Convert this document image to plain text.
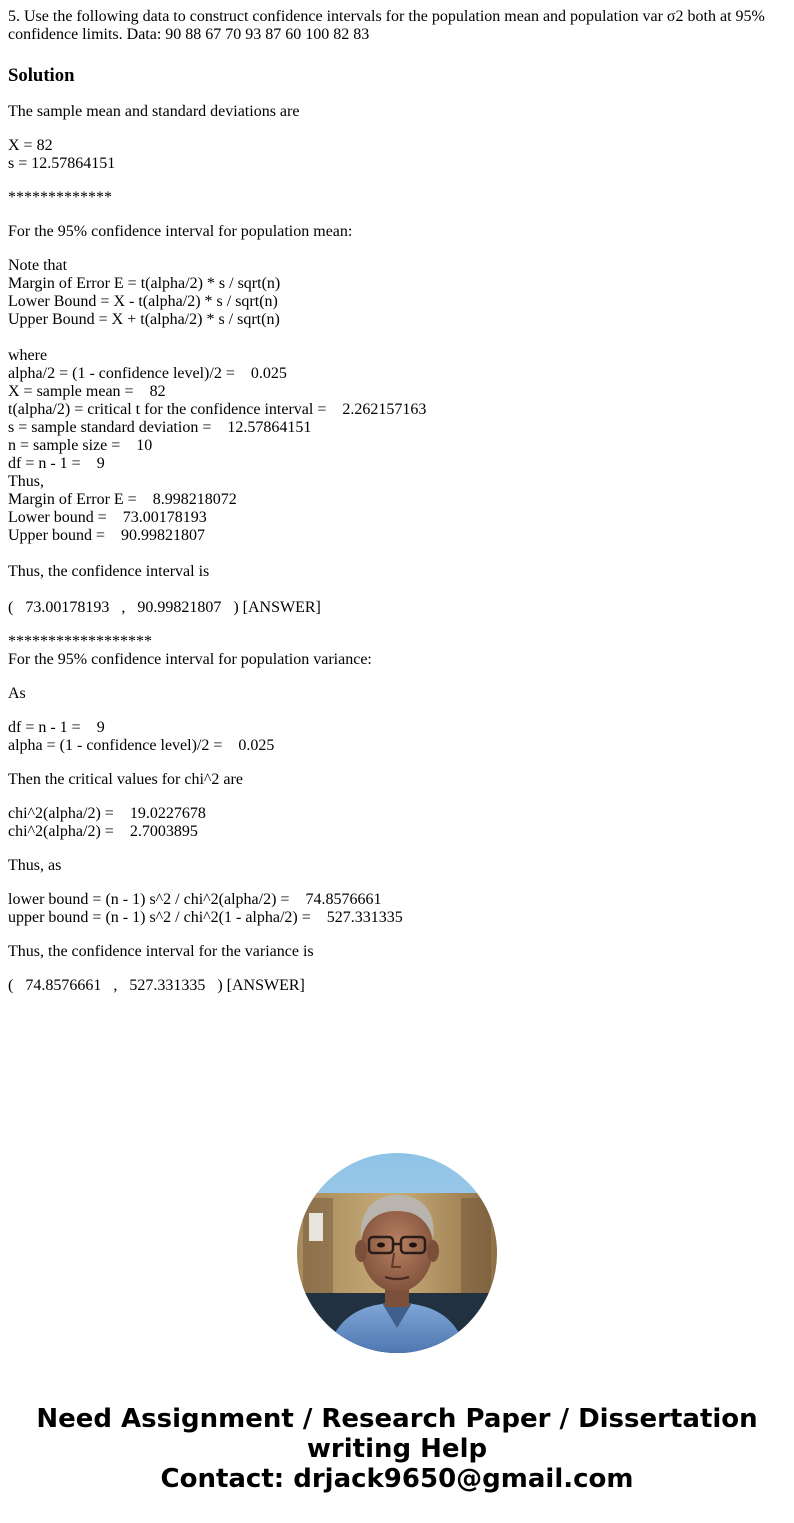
5. Use the following data to construct confidence intervals for the population mean and population var σ2 both at 95% confidence limits. Data: 90 88 67 70 93 87 60 100 82 83

Solution
The sample mean and standard deviations are
X = 82
s = 12.57864151
*************
For the 95% confidence interval for population mean:
Note that
Margin of Error E = t(alpha/2) * s / sqrt(n)
Lower Bound = X - t(alpha/2) * s / sqrt(n)
Upper Bound = X + t(alpha/2) * s / sqrt(n)
where
alpha/2 = (1 - confidence level)/2 =    0.025
X = sample mean =    82
t(alpha/2) = critical t for the confidence interval =    2.262157163
s = sample standard deviation =    12.57864151
n = sample size =    10
df = n - 1 =    9
Thus,
Margin of Error E =    8.998218072
Lower bound =    73.00178193
Upper bound =    90.99821807
Thus, the confidence interval is
(   73.00178193   ,   90.99821807   ) [ANSWER]
******************
For the 95% confidence interval for population variance:
As
df = n - 1 =    9
alpha = (1 - confidence level)/2 =    0.025
Then the critical values for chi^2 are
chi^2(alpha/2) =    19.0227678
chi^2(alpha/2) =    2.7003895
Thus, as
lower bound = (n - 1) s^2 / chi^2(alpha/2) =    74.8576661
upper bound = (n - 1) s^2 / chi^2(1 - alpha/2) =    527.331335
Thus, the confidence interval for the variance is
(   74.8576661   ,   527.331335   ) [ANSWER]
Need Assignment / Research Paper / Dissertation
writing Help
Contact: drjack9650@gmail.com
